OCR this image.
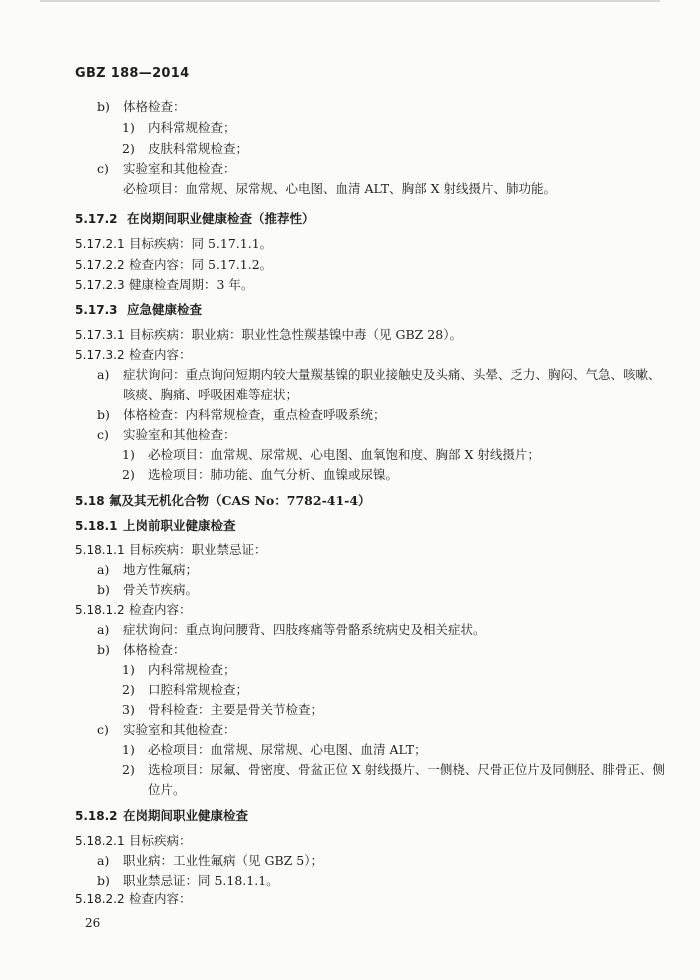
GBZ 188—2014
b) 体格检查：
1) 内科常规检查；
2) 皮肤科常规检查；
c) 实验室和其他检查：
必检项目：血常规、尿常规、心电图、血清 ALT、胸部 X 射线摄片、肺功能。
5.17.2 在岗期间职业健康检查（推荐性）
5.17.2.1 目标疾病：同 5.17.1.1。
5.17.2.2 检查内容：同 5.17.1.2。
5.17.2.3 健康检查周期：3 年。
5.17.3 应急健康检查
5.17.3.1 目标疾病：职业病：职业性急性羰基镍中毒（见 GBZ 28）。
5.17.3.2 检查内容：
a) 症状询问：重点询问短期内较大量羰基镍的职业接触史及头痛、头晕、乏力、胸闷、气急、咳嗽、
咳痰、胸痛、呼吸困难等症状；
b) 体格检查：内科常规检查，重点检查呼吸系统；
c) 实验室和其他检查：
1) 必检项目：血常规、尿常规、心电图、血氧饱和度、胸部 X 射线摄片；
2) 选检项目：肺功能、血气分析、血镍或尿镍。
5.18 氟及其无机化合物（CAS No：7782-41-4）
5.18.1 上岗前职业健康检查
5.18.1.1 目标疾病：职业禁忌证：
a) 地方性氟病；
b) 骨关节疾病。
5.18.1.2 检查内容：
a) 症状询问：重点询问腰背、四肢疼痛等骨骼系统病史及相关症状。
b) 体格检查：
1) 内科常规检查；
2) 口腔科常规检查；
3) 骨科检查：主要是骨关节检查；
c) 实验室和其他检查：
1) 必检项目：血常规、尿常规、心电图、血清 ALT；
2) 选检项目：尿氟、骨密度、骨盆正位 X 射线摄片、一侧桡、尺骨正位片及同侧胫、腓骨正、侧
位片。
5.18.2 在岗期间职业健康检查
5.18.2.1 目标疾病：
a) 职业病：工业性氟病（见 GBZ 5）；
b) 职业禁忌证：同 5.18.1.1。
5.18.2.2 检查内容：
26
